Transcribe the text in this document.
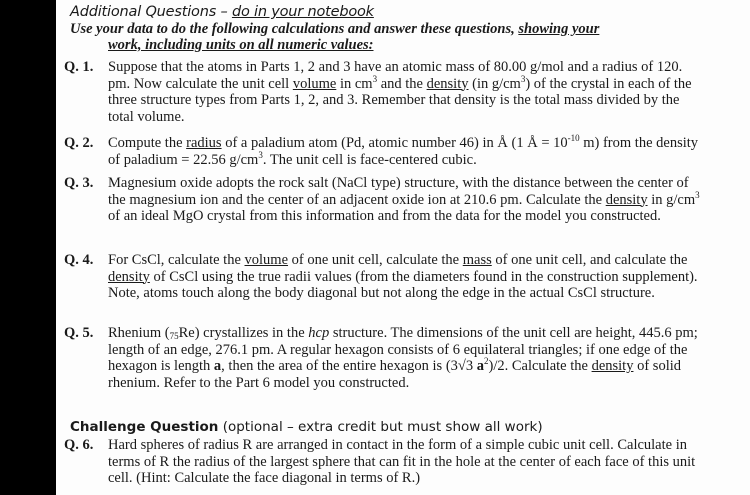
Additional Questions – do in your notebook
Use your data to do the following calculations and answer these questions, showing your
work, including units on all numeric values:
Q. 1. Suppose that the atoms in Parts 1, 2 and 3 have an atomic mass of 80.00 g/mol and a radius of 120. pm. Now calculate the unit cell volume in $cm^3$ and the density (in $g/cm^3$) of the crystal in each of the three structure types from Parts 1, 2, and 3. Remember that density is the total mass divided by the total volume.
Q. 2. Compute the radius of a paladium atom (Pd, atomic number 46) in Å (1 Å = $10^{-10}$ m) from the density of paladium = 22.56 $g/cm^3$. The unit cell is face-centered cubic.
Q. 3. Magnesium oxide adopts the rock salt (NaCl type) structure, with the distance between the center of the magnesium ion and the center of an adjacent oxide ion at 210.6 pm. Calculate the density in $g/cm^3$ of an ideal MgO crystal from this information and from the data for the model you constructed.
Q. 4. For CsCl, calculate the volume of one unit cell, calculate the mass of one unit cell, and calculate the density of CsCl using the true radii values (from the diameters found in the construction supplement). Note, atoms touch along the body diagonal but not along the edge in the actual CsCl structure.
Q. 5. Rhenium $(_{75}Re)$ crystallizes in the hcp structure. The dimensions of the unit cell are height, 445.6 pm; length of an edge, 276.1 pm. A regular hexagon consists of 6 equilateral triangles; if one edge of the hexagon is length a, then the area of the entire hexagon is (3√3 $a^2)/2$. Calculate the density of solid rhenium. Refer to the Part 6 model you constructed.
Challenge Question (optional – extra credit but must show all work)
Q. 6. Hard spheres of radius R are arranged in contact in the form of a simple cubic unit cell. Calculate in terms of R the radius of the largest sphere that can fit in the hole at the center of each face of this unit cell. (Hint: Calculate the face diagonal in terms of R.)
